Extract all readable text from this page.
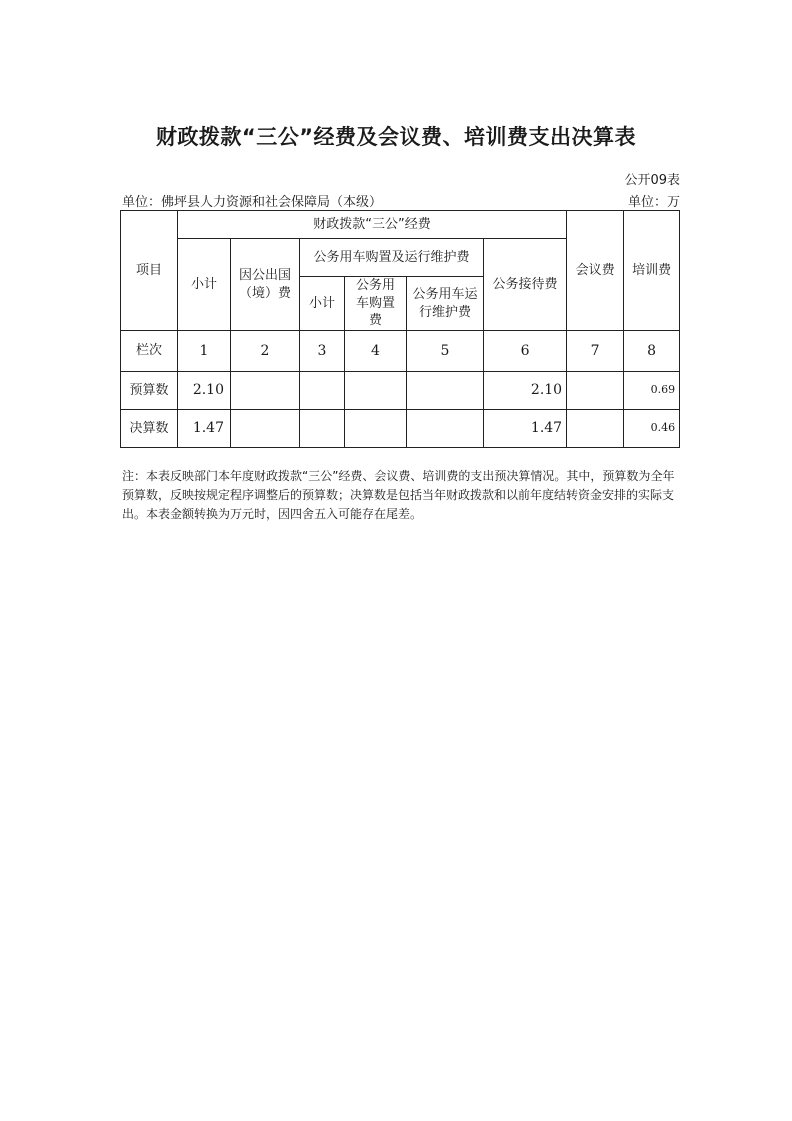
财政拨款“三公”经费及会议费、培训费支出决算表
公开09表
单位：佛坪县人力资源和社会保障局（本级）	单位：万
项目	财政拨款“三公”经费						会议费	培训费
	小计	因公出国（境）费	公务用车购置及运行维护费			公务接待费		
			小计	公务用车购置费	公务用车运行维护费			
栏次	1	2	3	4	5	6	7	8
预算数	2.10					2.10		0.69
决算数	1.47					1.47		0.46
注：本表反映部门本年度财政拨款“三公”经费、会议费、培训费的支出预决算情况。其中，预算数为全年预算数，反映按规定程序调整后的预算数；决算数是包括当年财政拨款和以前年度结转资金安排的实际支出。本表金额转换为万元时，因四舍五入可能存在尾差。
